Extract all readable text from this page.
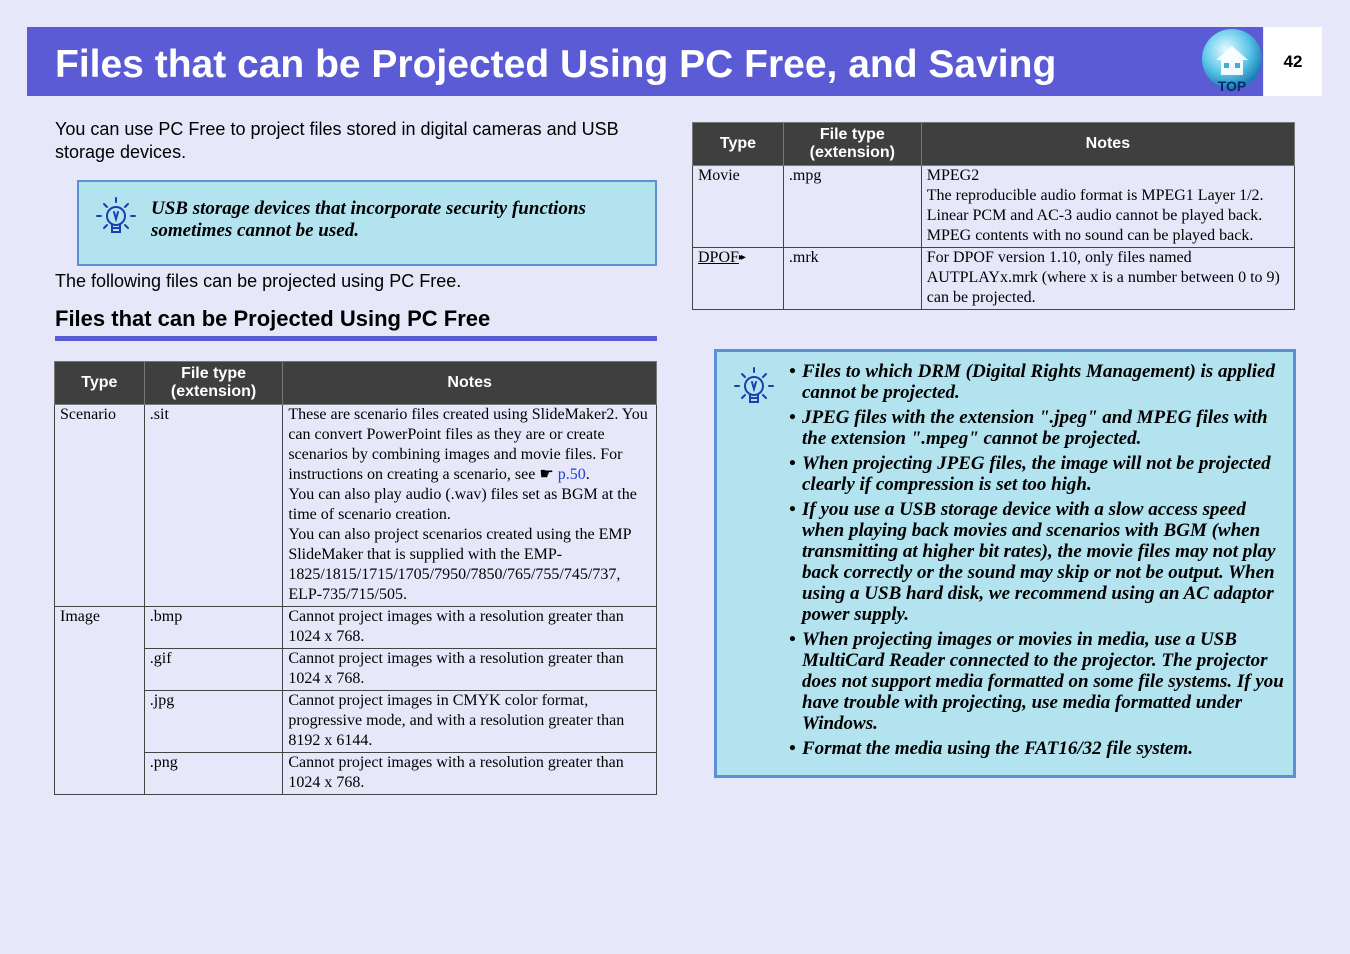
Files that can be Projected Using PC Free, and Saving	TOP
42
You can use PC Free to project files stored in digital cameras and USB storage devices.
USB storage devices that incorporate security functions sometimes cannot be used.
The following files can be projected using PC Free.
Files that can be Projected Using PC Free
Type	File type
(extension)	Notes
Scenario	.sit	These are scenario files created using SlideMaker2. You can convert PowerPoint files as they are or create scenarios by combining images and movie files. For instructions on creating a scenario, see ☛ p.50.
You can also play audio (.wav) files set as BGM at the time of scenario creation.
You can also project scenarios created using the EMP SlideMaker that is supplied with the EMP-1825/1815/1715/1705/7950/7850/765/755/745/737, ELP-735/715/505.
Image	.bmp	Cannot project images with a resolution greater than 1024 x 768.
	.gif	Cannot project images with a resolution greater than 1024 x 768.
	.jpg	Cannot project images in CMYK color format, progressive mode, and with a resolution greater than 8192 x 6144.
	.png	Cannot project images with a resolution greater than 1024 x 768.
Type	File type
(extension)	Notes
Movie	.mpg	MPEG2
The reproducible audio format is MPEG1 Layer 1/2. Linear PCM and AC-3 audio cannot be played back. MPEG contents with no sound can be played back.
DPOF▸▸	.mrk	For DPOF version 1.10, only files named AUTPLAYx.mrk (where x is a number between 0 to 9) can be projected.
• Files to which DRM (Digital Rights Management) is applied cannot be projected.
• JPEG files with the extension ".jpeg" and MPEG files with the extension ".mpeg" cannot be projected.
• When projecting JPEG files, the image will not be projected clearly if compression is set too high.
• If you use a USB storage device with a slow access speed when playing back movies and scenarios with BGM (when transmitting at higher bit rates), the movie files may not play back correctly or the sound may skip or not be output. When using a USB hard disk, we recommend using an AC adaptor power supply.
• When projecting images or movies in media, use a USB MultiCard Reader connected to the projector. The projector does not support media formatted on some file systems. If you have trouble with projecting, use media formatted under Windows.
• Format the media using the FAT16/32 file system.
